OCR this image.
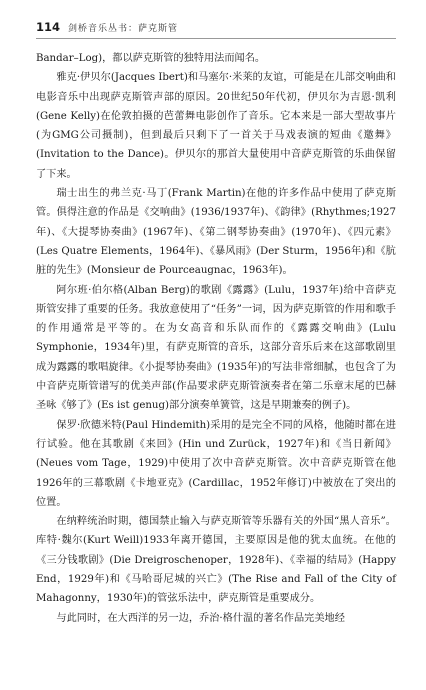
114 剑桥音乐丛书：萨克斯管

Bandar–Log)，都以萨克斯管的独特用法而闻名。

雅克·伊贝尔(Jacques Ibert)和马塞尔·米莱的友谊，可能是在儿部交响曲和电影音乐中出现萨克斯管声部的原因。20世纪50年代初，伊贝尔为吉恩·凯利(Gene Kelly)在伦敦拍摄的芭蕾舞电影创作了音乐。它本来是一部大型故事片(为GMG公司摄制)，但到最后只剩下了一首关于马戏表演的短曲《邀舞》(Invitation to the Dance)。伊贝尔的那首大量使用中音萨克斯管的乐曲保留了下来。

瑞士出生的弗兰克·马丁(Frank Martin)在他的许多作品中使用了萨克斯管。俱得注意的作品是《交响曲》(1936/1937年)、《韵律》(Rhythmes;1927年)、《大提琴协奏曲》(1967年)、《第二钢琴协奏曲》(1970年)、《四元素》(Les Quatre Elements，1964年)、《暴风雨》(Der Sturm，1956年)和《肮脏的先生》(Monsieur de Pourceaugnac，1963年)。

阿尔班·伯尔格(Alban Berg)的歌剧《露露》(Lulu，1937年)给中音萨克斯管安排了重要的任务。我放意使用了“任务”一词，因为萨克斯管的作用和歌手的作用通常是平等的。在为女高音和乐队而作的《露露交响曲》(Lulu Symphonie，1934年)里，有萨克斯管的音乐，这部分音乐后来在这部歌剧里成为露露的歌唱旋律。《小提琴协奏曲》(1935年)的写法非常细腻，也包含了为中音萨克斯管谱写的优美声部(作品要求萨克斯管演奏者在第二乐章末尾的巴赫圣咏《够了》(Es ist genug)部分演奏单簧管，这是早期兼奏的例子)。

保罗·欣德米特(Paul Hindemith)采用的是完全不同的风格，他随时都在进行试验。他在其歌剧《来回》(Hin und Zurück，1927年)和《当日新闻》(Neues vom Tage，1929)中使用了次中音萨克斯管。次中音萨克斯管在他1926年的三幕歌剧《卡地亚克》(Cardillac，1952年修订)中被放在了突出的位置。

在纳粹统治时期，德国禁止输入与萨克斯管等乐器有关的外国“黑人音乐”。库特·魏尔(Kurt Weill)1933年离开德国，主要原因是他的犹太血统。在他的《三分钱歌剧》(Die Dreigroschenoper，1928年)、《幸福的结局》(Happy End，1929年)和《马哈哥尼城的兴亡》(The Rise and Fall of the City of Mahagonny，1930年)的管弦乐法中，萨克斯管是重要成分。

与此同时，在大西洋的另一边，乔治·格什温的著名作品完美地经
